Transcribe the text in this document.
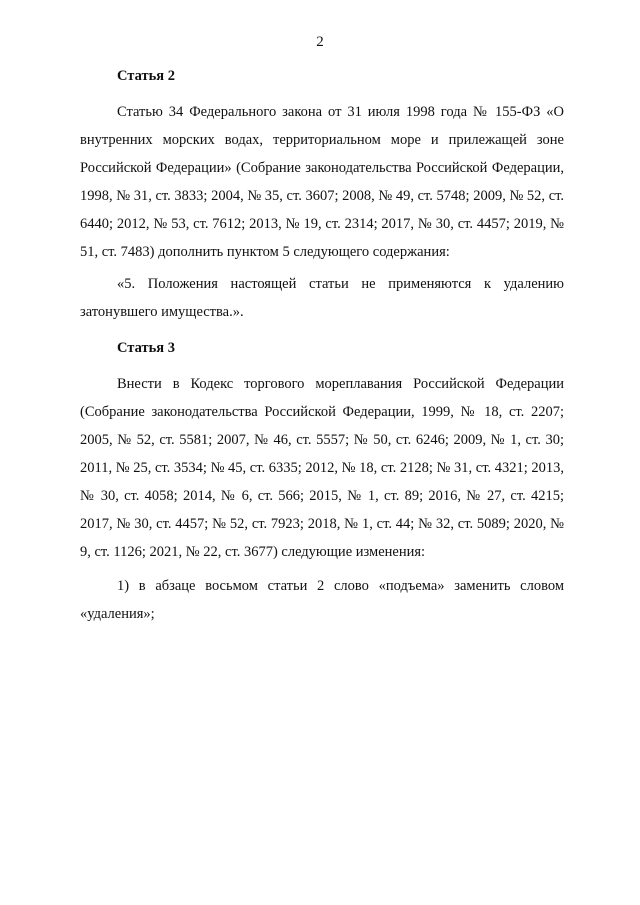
2
Статья 2

Статью 34 Федерального закона от 31 июля 1998 года № 155-ФЗ «О внутренних морских водах, территориальном море и прилежащей зоне Российской Федерации» (Собрание законодательства Российской Федерации, 1998, № 31, ст. 3833; 2004, № 35, ст. 3607; 2008, № 49, ст. 5748; 2009, № 52, ст. 6440; 2012, № 53, ст. 7612; 2013, № 19, ст. 2314; 2017, № 30, ст. 4457; 2019, № 51, ст. 7483) дополнить пунктом 5 следующего содержания:

«5. Положения настоящей статьи не применяются к удалению затонувшего имущества.».

Статья 3

Внести в Кодекс торгового мореплавания Российской Федерации (Собрание законодательства Российской Федерации, 1999, № 18, ст. 2207; 2005, № 52, ст. 5581; 2007, № 46, ст. 5557; № 50, ст. 6246; 2009, № 1, ст. 30; 2011, № 25, ст. 3534; № 45, ст. 6335; 2012, № 18, ст. 2128; № 31, ст. 4321; 2013, № 30, ст. 4058; 2014, № 6, ст. 566; 2015, № 1, ст. 89; 2016, № 27, ст. 4215; 2017, № 30, ст. 4457; № 52, ст. 7923; 2018, № 1, ст. 44; № 32, ст. 5089; 2020, № 9, ст. 1126; 2021, № 22, ст. 3677) следующие изменения:

1) в абзаце восьмом статьи 2 слово «подъема» заменить словом «удаления»;
